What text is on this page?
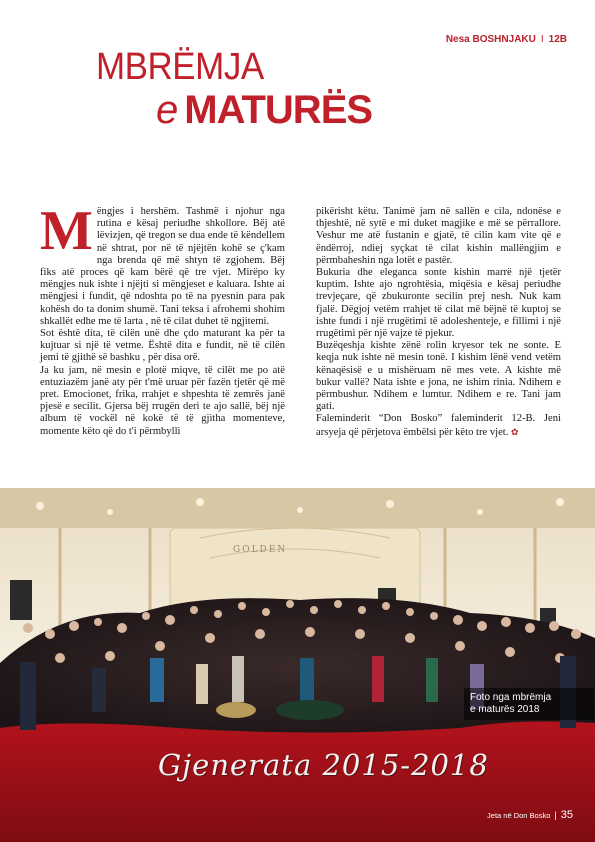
Nesa BOSHNJAKU I 12B
MBRËMJA
e MATURËS

Mëngjes i hershëm. Tashmë i njohur nga rutina e kësaj periudhe shkollore. Bëj atë lëvizjen, që tregon se dua ende të këndellem në shtrat, por në të njëjtën kohë se ç'kam nga brenda që më shtyn të zgjohem. Bëj fiks atë proces që kam bërë që tre vjet. Mirëpo ky mëngjes nuk ishte i njëjti si mëngjeset e kaluara. Ishte ai mëngjesi i fundit, që ndoshta po të na pyesnin para pak kohësh do ta donim shumë. Tani teksa i afrohemi shohim shkallët edhe me të larta , në të cilat duhet të ngjitemi.

Sot është dita, të cilën unë dhe çdo maturant ka për ta kujtuar si një të vetme. Është dita e fundit, në të cilën jemi të gjithë së bashku , për disa orë.

Ja ku jam, në mesin e plotë miqve, të cilët me po atë entuziazëm janë aty për t'më uruar për fazën tjetër që më pret. Emocionet, frika, rrahjet e shpeshta të zemrës janë pjesë e secilit. Gjersa bëj rrugën deri te ajo sallë, bëj një album të vockël në kokë të të gjitha momenteve, momente këto që do t'i përmbylli

pikërisht këtu. Tanimë jam në sallën e cila, ndonëse e thjeshtë, në sytë e mi duket magjike e më se përrallore. Veshur me atë fustanin e gjatë, të cilin kam vite që e ëndërroj, ndiej syçkat të cilat kishin mallëngjim e përmbaheshin nga lotët e pastër.

Bukuria dhe eleganca sonte kishin marrë një tjetër kuptim. Ishte ajo ngrohtësia, miqësia e kësaj periudhe trevjeçare, që zbukuronte secilin prej nesh. Nuk kam fjalë. Dëgjoj vetëm rrahjet të cilat më bëjnë të kuptoj se ishte fundi i një rrugëtimi të adoleshenteje, e fillimi i një rrugëtimi për një vajze të pjekur.

Buzëqeshja kishte zënë rolin kryesor tek ne sonte. E keqja nuk ishte në mesin tonë. I kishim lënë vend vetëm kënaqësisë e u mishëruam në mes vete. A kishte më bukur vallë? Nata ishte e jona, ne ishim rinia. Ndihem e përmbushur. Ndihem e lumtur. Ndihem e re. Tani jam gati.

Faleminderit “Don Bosko” faleminderit 12-B. Jeni arsyeja që përjetova ëmbëlsi për këto tre vjet. ✿

GOLDEN
Foto nga mbrëmja
e maturës 2018
Gjenerata 2015-2018
Jeta në Don Bosko | 35
